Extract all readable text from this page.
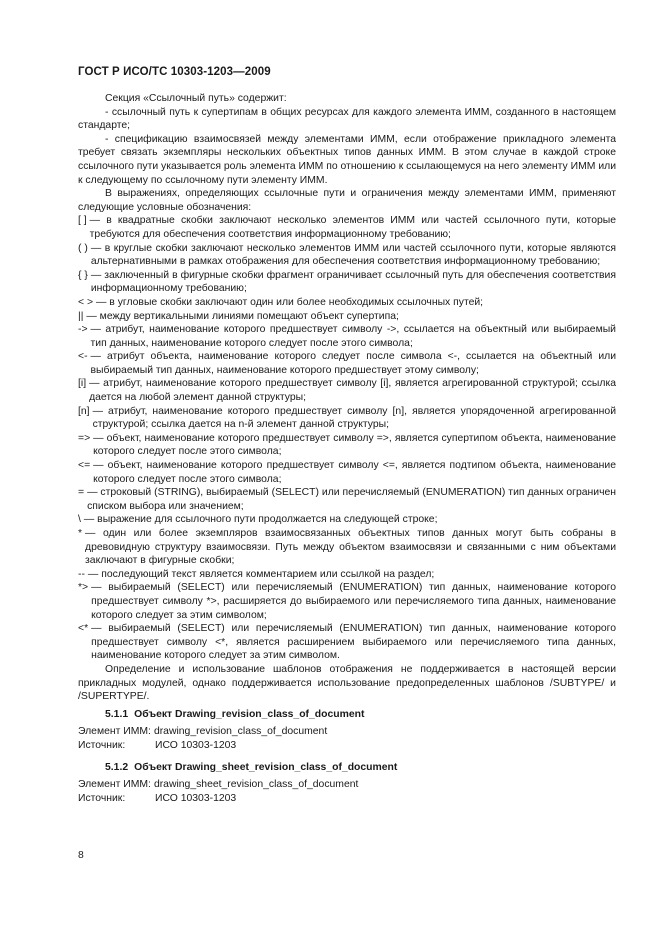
ГОСТ Р ИСО/ТС 10303-1203—2009

Секция «Ссылочный путь» содержит:

- ссылочный путь к супертипам в общих ресурсах для каждого элемента ИММ, созданного в настоящем стандарте;

- спецификацию взаимосвязей между элементами ИММ, если отображение прикладного элемента требует связать экземпляры нескольких объектных типов данных ИММ. В этом случае в каждой строке ссылочного пути указывается роль элемента ИММ по отношению к ссылающемуся на него элементу ИММ или к следующему по ссылочному пути элементу ИММ.

В выражениях, определяющих ссылочные пути и ограничения между элементами ИММ, применяют следующие условные обозначения:

[ ] — в квадратные скобки заключают несколько элементов ИММ или частей ссылочного пути, которые требуются для обеспечения соответствия информационному требованию;
( ) — в круглые скобки заключают несколько элементов ИММ или частей ссылочного пути, которые являются альтернативными в рамках отображения для обеспечения соответствия информационному требованию;
{ } — заключенный в фигурные скобки фрагмент ограничивает ссылочный путь для обеспечения соответствия информационному требованию;
< > — в угловые скобки заключают один или более необходимых ссылочных путей;
|| — между вертикальными линиями помещают объект супертипа;
-> — атрибут, наименование которого предшествует символу ->, ссылается на объектный или выбираемый тип данных, наименование которого следует после этого символа;
<- — атрибут объекта, наименование которого следует после символа <-, ссылается на объектный или выбираемый тип данных, наименование которого предшествует этому символу;
[i] — атрибут, наименование которого предшествует символу [i], является агрегированной структурой; ссылка дается на любой элемент данной структуры;
[n] — атрибут, наименование которого предшествует символу [n], является упорядоченной агрегированной структурой; ссылка дается на n-й элемент данной структуры;
=> — объект, наименование которого предшествует символу =>, является супертипом объекта, наименование которого следует после этого символа;
<= — объект, наименование которого предшествует символу <=, является подтипом объекта, наименование которого следует после этого символа;
= — строковый (STRING), выбираемый (SELECT) или перечисляемый (ENUMERATION) тип данных ограничен списком выбора или значением;
\ — выражение для ссылочного пути продолжается на следующей строке;
* — один или более экземпляров взаимосвязанных объектных типов данных могут быть собраны в древовидную структуру взаимосвязи. Путь между объектом взаимосвязи и связанными с ним объектами заключают в фигурные скобки;
-- — последующий текст является комментарием или ссылкой на раздел;
*> — выбираемый (SELECT) или перечисляемый (ENUMERATION) тип данных, наименование которого предшествует символу *>, расширяется до выбираемого или перечисляемого типа данных, наименование которого следует за этим символом;
<* — выбираемый (SELECT) или перечисляемый (ENUMERATION) тип данных, наименование которого предшествует символу <*, является расширением выбираемого или перечисляемого типа данных, наименование которого следует за этим символом.

Определение и использование шаблонов отображения не поддерживается в настоящей версии прикладных модулей, однако поддерживается использование предопределенных шаблонов /SUBTYPE/ и /SUPERTYPE/.

5.1.1 Объект Drawing_revision_class_of_document
Элемент ИММ: drawing_revision_class_of_document
Источник:	ИСО 10303-1203
5.1.2 Объект Drawing_sheet_revision_class_of_document
Элемент ИММ: drawing_sheet_revision_class_of_document
Источник:	ИСО 10303-1203
8
